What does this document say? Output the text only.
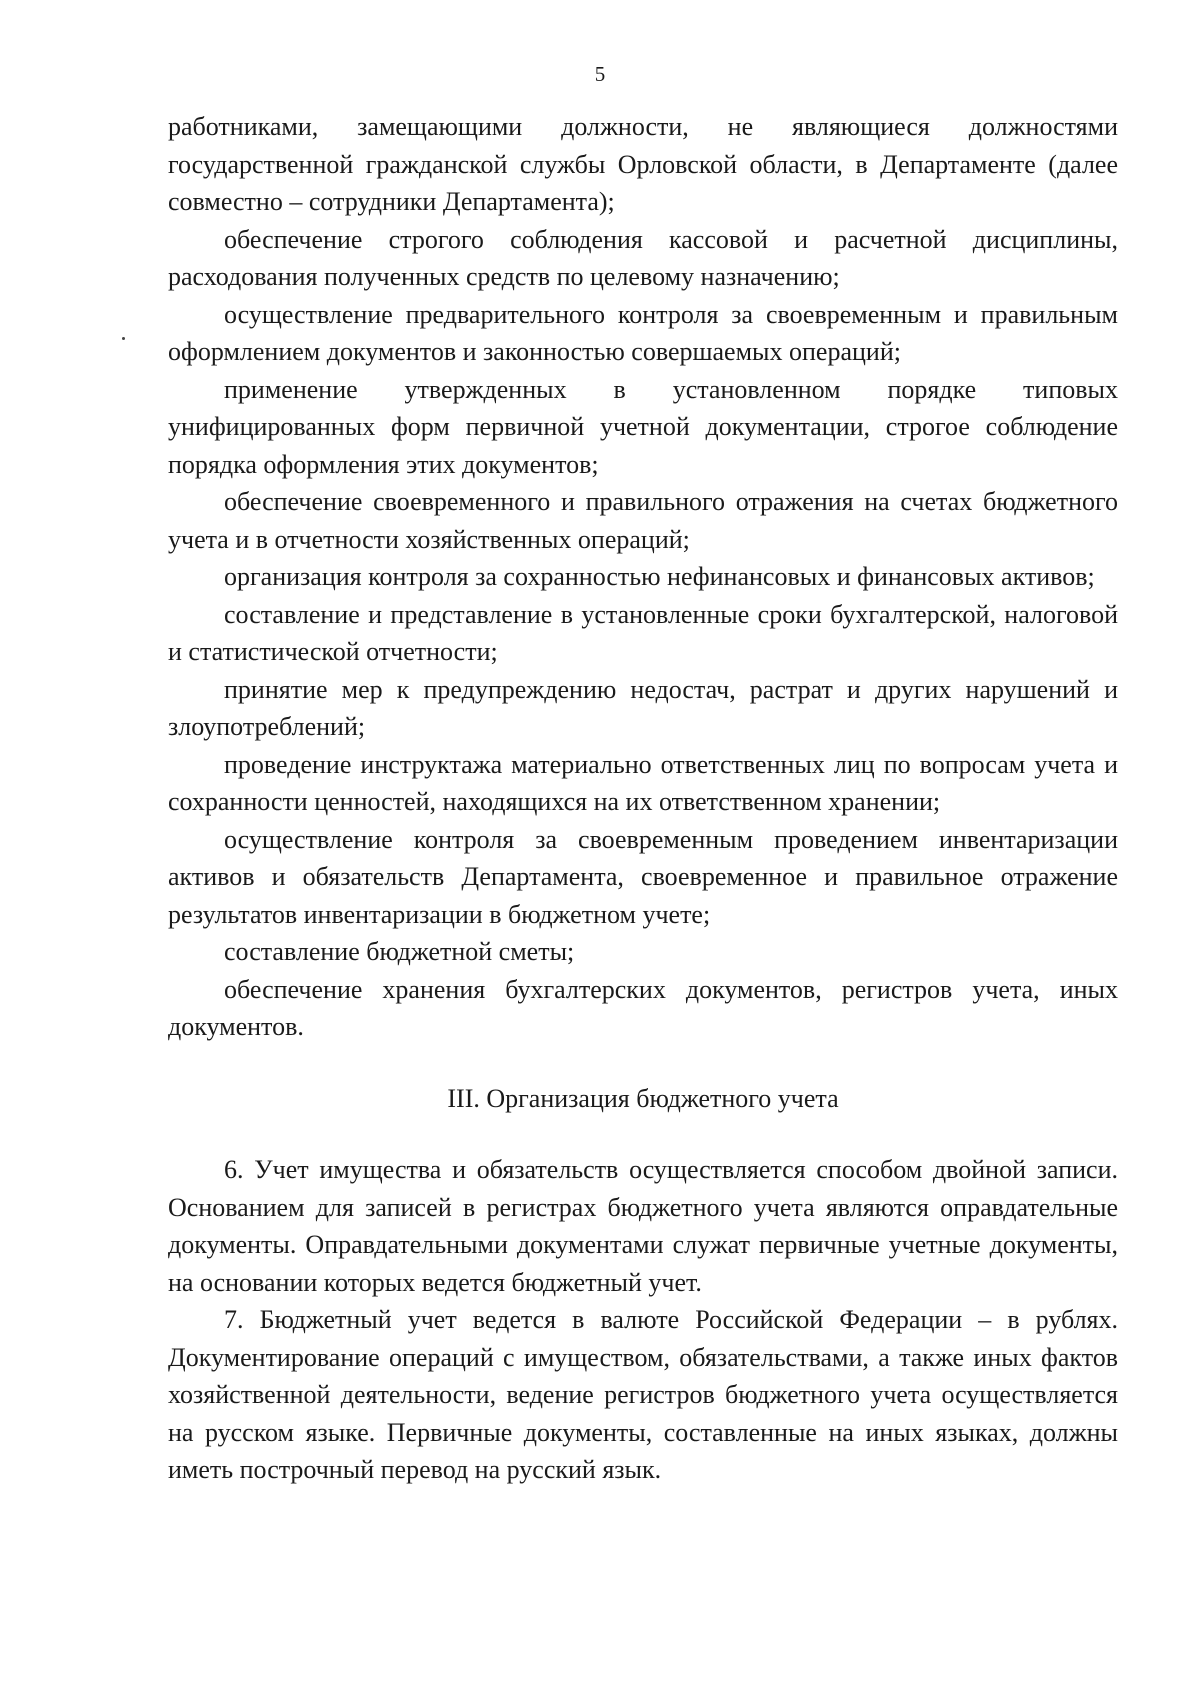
5

работниками, замещающими должности, не являющиеся должностями государственной гражданской службы Орловской области, в Департаменте (далее совместно – сотрудники Департамента);

обеспечение строгого соблюдения кассовой и расчетной дисциплины, расходования полученных средств по целевому назначению;

осуществление предварительного контроля за своевременным и правильным оформлением документов и законностью совершаемых операций;

применение утвержденных в установленном порядке типовых унифицированных форм первичной учетной документации, строгое соблюдение порядка оформления этих документов;

обеспечение своевременного и правильного отражения на счетах бюджетного учета и в отчетности хозяйственных операций;

организация контроля за сохранностью нефинансовых и финансовых активов;

составление и представление в установленные сроки бухгалтерской, налоговой и статистической отчетности;

принятие мер к предупреждению недостач, растрат и других нарушений и злоупотреблений;

проведение инструктажа материально ответственных лиц по вопросам учета и сохранности ценностей, находящихся на их ответственном хранении;

осуществление контроля за своевременным проведением инвентаризации активов и обязательств Департамента, своевременное и правильное отражение результатов инвентаризации в бюджетном учете;

составление бюджетной сметы;

обеспечение хранения бухгалтерских документов, регистров учета, иных документов.

III. Организация бюджетного учета

6. Учет имущества и обязательств осуществляется способом двойной записи. Основанием для записей в регистрах бюджетного учета являются оправдательные документы. Оправдательными документами служат первичные учетные документы, на основании которых ведется бюджетный учет.

7. Бюджетный учет ведется в валюте Российской Федерации – в рублях. Документирование операций с имуществом, обязательствами, а также иных фактов хозяйственной деятельности, ведение регистров бюджетного учета осуществляется на русском языке. Первичные документы, составленные на иных языках, должны иметь построчный перевод на русский язык.
